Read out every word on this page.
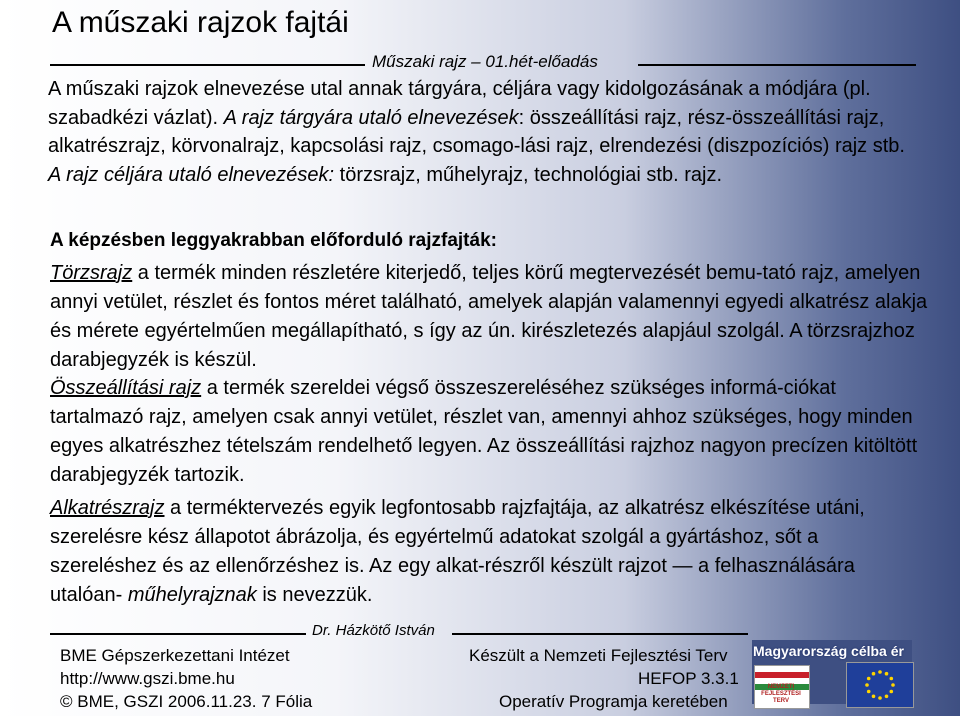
A műszaki rajzok fajtái
Műszaki rajz – 01.hét-előadás
A műszaki rajzok elnevezése utal annak tárgyára, céljára vagy kidolgozásának a módjára (pl. szabadkézi vázlat). A rajz tárgyára utaló elnevezések: összeállítási rajz, rész-összeállítási rajz, alkatrészrajz, körvonalrajz, kapcsolási rajz, csomago-lási rajz, elrendezési (diszpozíciós) rajz stb. A rajz céljára utaló elnevezések: törzsrajz, műhelyrajz, technológiai stb. rajz.
A képzésben leggyakrabban előforduló rajzfajták:
Törzsrajz a termék minden részletére kiterjedő, teljes körű megtervezését bemu-tató rajz, amelyen annyi vetület, részlet és fontos méret található, amelyek alapján valamennyi egyedi alkatrész alakja és mérete egyértelműen megállapítható, s így az ún. kirészletezés alapjául szolgál. A törzsrajzhoz darabjegyzék is készül.
Összeállítási rajz a termék szereldei végső összeszereléséhez szükséges informá-ciókat tartalmazó rajz, amelyen csak annyi vetület, részlet van, amennyi ahhoz szükséges, hogy minden egyes alkatrészhez tételszám rendelhető legyen. Az összeállítási rajzhoz nagyon precízen kitöltött darabjegyzék tartozik.
Alkatrészrajz a terméktervezés egyik legfontosabb rajzfajtája, az alkatrész elkészítése utáni, szerelésre kész állapotot ábrázolja, és egyértelmű adatokat szolgál a gyártáshoz, sőt a szereléshez és az ellenőrzéshez is. Az egy alkat-részről készült rajzot — a felhasználására utalóan- műhelyrajznak is nevezzük.
Dr. Házkötő István
BME Gépszerkezettani Intézet
http://www.gszi.bme.hu
© BME, GSZI 2006.11.23. 7 Fólia
Készült a Nemzeti Fejlesztési Terv
HEFOP 3.3.1
Operatív Programja keretében
Magyarország célba ér
NEMZETI FEJLESZTÉSI TERV
